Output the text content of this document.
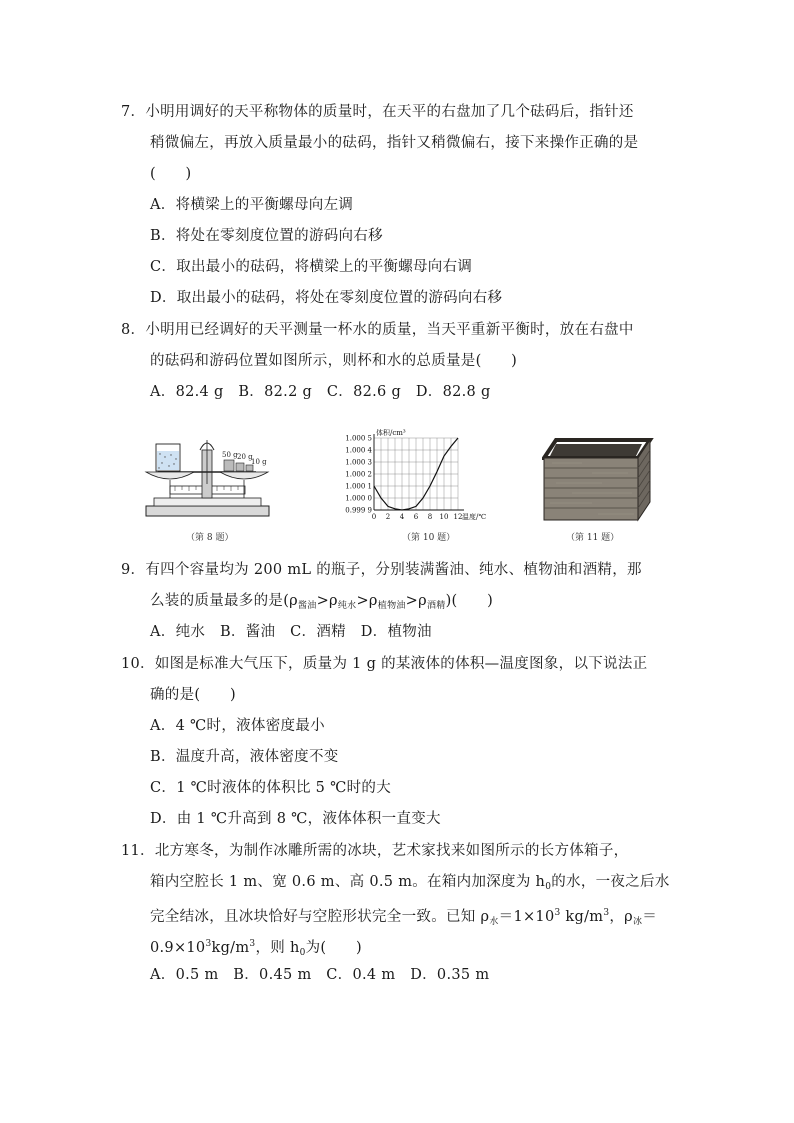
7．小明用调好的天平称物体的质量时，在天平的右盘加了几个砝码后，指针还
稍微偏左，再放入质量最小的砝码，指针又稍微偏右，接下来操作正确的是
(　　)
A．将横梁上的平衡螺母向左调
B．将处在零刻度位置的游码向右移
C．取出最小的砝码，将横梁上的平衡螺母向右调
D．取出最小的砝码，将处在零刻度位置的游码向右移
8．小明用已经调好的天平测量一杯水的质量，当天平重新平衡时，放在右盘中
的砝码和游码位置如图所示，则杯和水的总质量是(　　)
A．82.4 g　B．82.2 g　C．82.6 g　D．82.8 g
50 g 20 g
10 g
（第 8 题）
1.000 5
1.000 4
1.000 3
1.000 2
1.000 1
1.000 0
0.999 9
0 2 4 6 8 10 12
体积/cm³
温度/℃
（第 10 题）	（第 11 题）
9．有四个容量均为 200 mL 的瓶子，分别装满酱油、纯水、植物油和酒精，那
么装的质量最多的是$(\rho_{酱油}>\rho_{纯水}>\rho_{植物油}>\rho_{酒精})$(　　)
A．纯水　B．酱油　C．酒精　D．植物油
10．如图是标准大气压下，质量为 1 g 的某液体的体积—温度图象，以下说法正
确的是(　　)
A．4 ℃时，液体密度最小
B．温度升高，液体密度不变
C．1 ℃时液体的体积比 5 ℃时的大
D．由 1 ℃升高到 8 ℃，液体体积一直变大
11．北方寒冬，为制作冰雕所需的冰块，艺术家找来如图所示的长方体箱子，
箱内空腔长 1 m、宽 0.6 m、高 0.5 m。在箱内加深度为 $h_0$的水，一夜之后水
完全结冰，且冰块恰好与空腔形状完全一致。已知 $\rho_水=1\times 10^3$ $kg/m^3$，$\rho_冰=$
$0.9\times 10^3kg/m^3$，则 $h_0$为(　　)
A．0.5 m　B．0.45 m　C．0.4 m　D．0.35 m
